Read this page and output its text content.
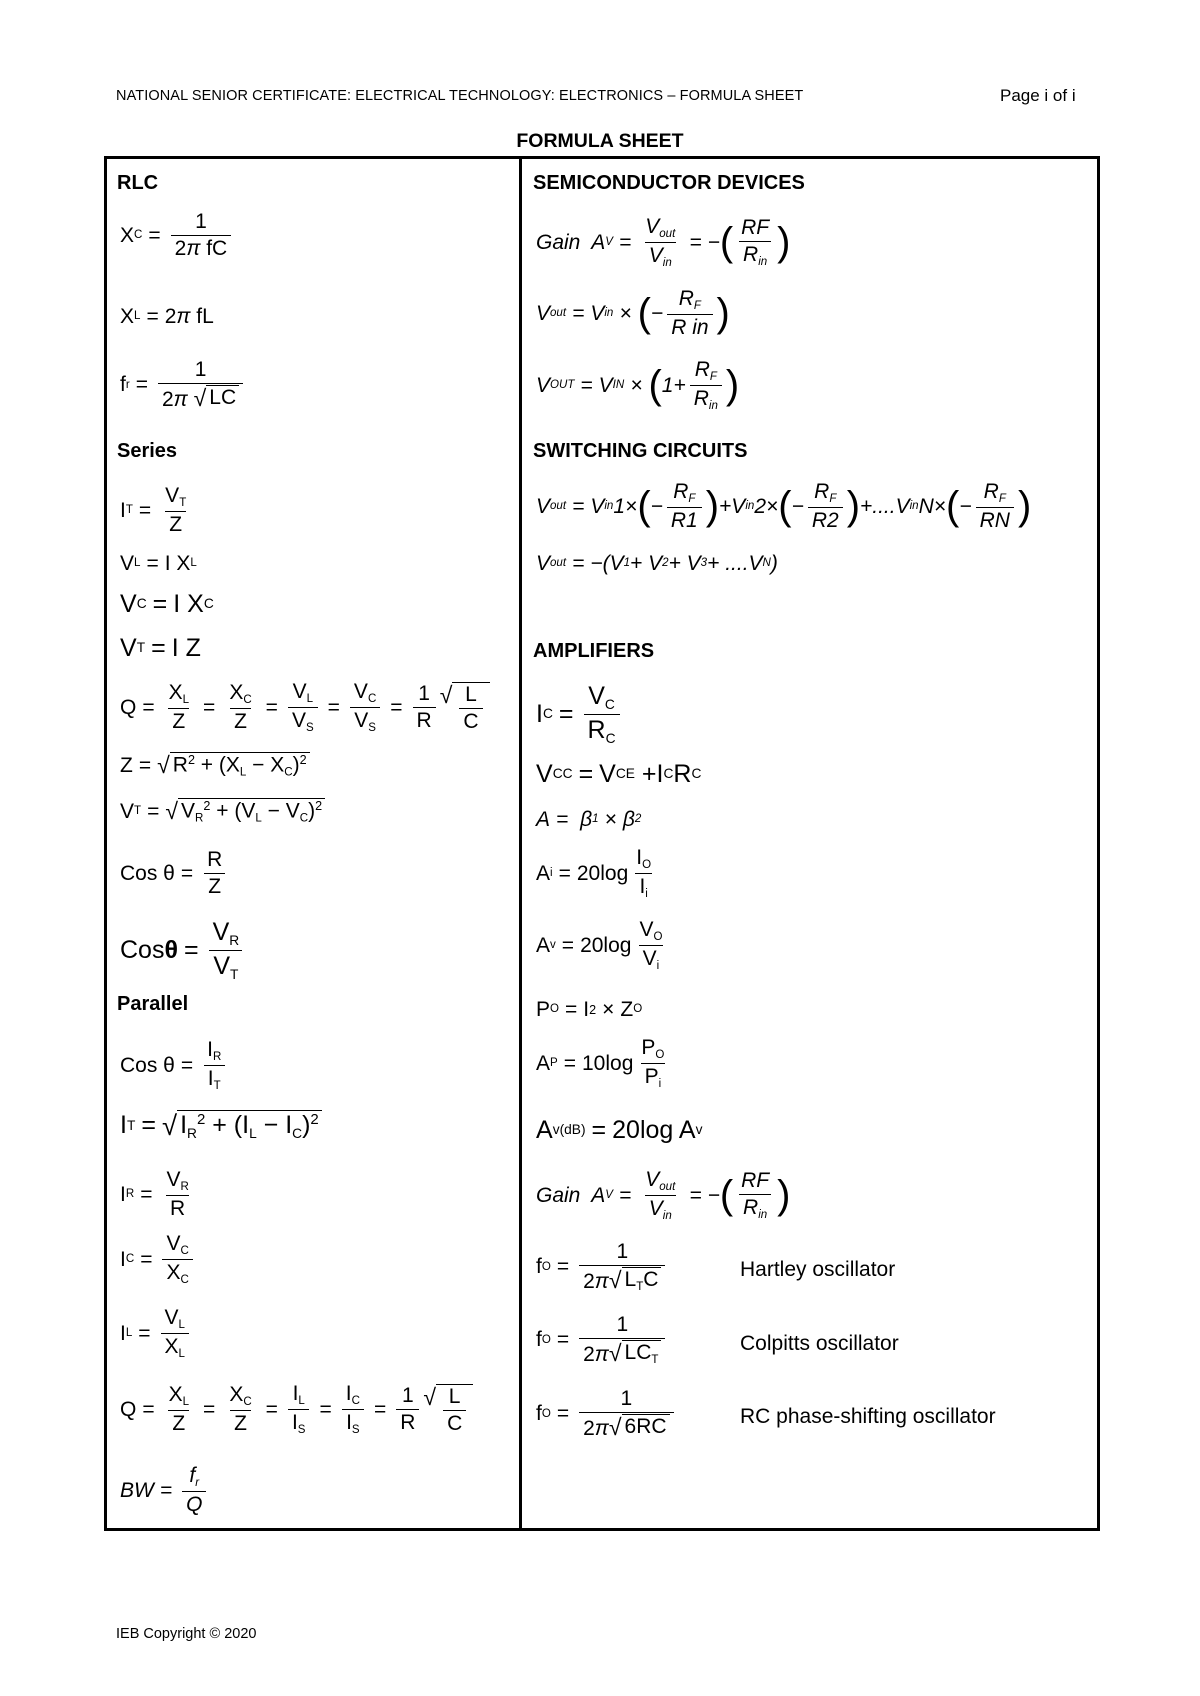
NATIONAL SENIOR CERTIFICATE: ELECTRICAL TECHNOLOGY: ELECTRONICS – FORMULA SHEET	Page i of i
FORMULA SHEET
RLC
X $C = \frac{1}{\text{2π fC}}$
X L = 2 π fL
f $r = \frac{1}{2\pi √ LC}$
Series
I $T = \frac{V_T}{Z}$
V L = I X L
V C = I X C
V T = I Z
$Q = \frac{X_L}{Z} = \frac{X_C}{Z} = \frac{V_L}{V_S} = \frac{V_C}{V_S} = \frac{1}{R}$ √ $\frac{L}{C}$
Z = √ $R^2 + (X_L - X_C)^2$
V T = √ $V_R^2 + (V_L - V_C)^2$
Cos $\theta = \frac{R}{Z}$
Cos $\theta = \frac{V_R}{V_T}$
Parallel
Cos $\theta = \frac{I_R}{I_T}$
I T = √ $I_R^2 + (I_L - I_C)^2$
I $R = \frac{V_R}{R}$
I $C = \frac{V_C}{X_C}$
I $L = \frac{V_L}{X_L}$
$Q = \frac{X_L}{Z} = \frac{X_C}{Z} = \frac{I_L}{I_S} = \frac{I_C}{I_S} = \frac{1}{R}$ √ $\frac{L}{C}$
BW = $\frac{f_r}{Q}$
SEMICONDUCTOR DEVICES
Gain  A $V = \frac{V_{out}}{V_{in}}$ = − ( $\frac{RF}{R_{in}}$ )
V out = V in × ( − $\frac{R_F}{\text{R in}}$ )
V OUT = V IN × ( $1+ \frac{R_F}{R_{in}}$ )
SWITCHING CIRCUITS
V out = V in 1× ( − $\frac{R_F}{R1}$ ) +V in 2× ( − $\frac{R_F}{R2}$ ) +....V in N× ( − $\frac{R_F}{RN}$ )
V out = −(V 1 + V 2 + V 3 + ....V N )
AMPLIFIERS
I $C = \frac{V_C}{R_C}$
V CC = V CE +I C R C
A = β 1 × β 2
A $i = 20\log \frac{I_O}{I_i}$
A $v = 20\log \frac{V_O}{V_i}$
P O = I 2 × Z O
A $P = 10\log \frac{P_O}{P_i}$
A v(dB) = 20log A v
Gain  A $V = \frac{V_{out}}{V_{in}}$ = − ( $\frac{RF}{R_{in}}$ )
f $O = \frac{1}{2\pi √ L_TC}$	Hartley oscillator
f $O = \frac{1}{2\pi √ LC_T}$	Colpitts oscillator
f $O = \frac{1}{2\pi √ 6RC}$	RC phase-shifting oscillator
IEB Copyright © 2020
